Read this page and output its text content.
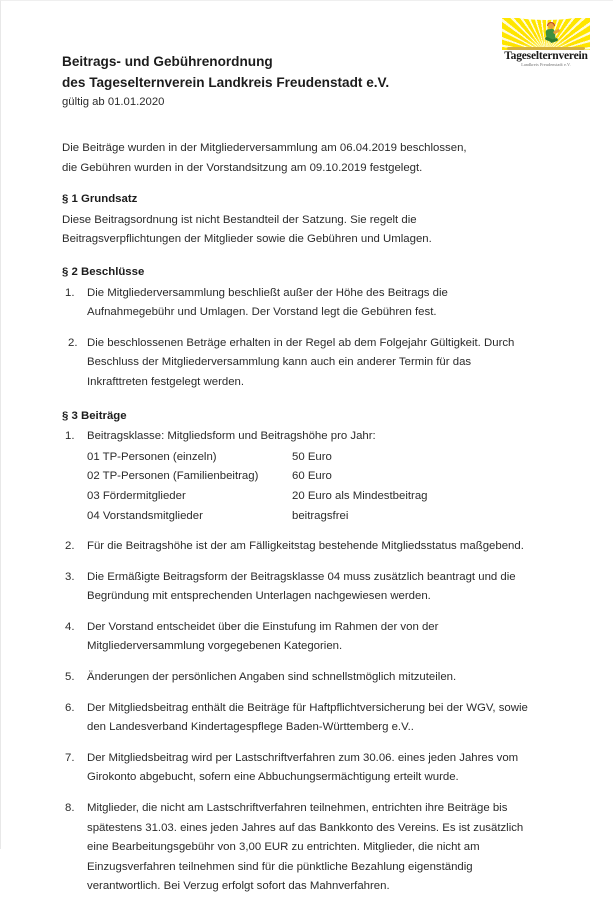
Tageselternverein
Landkreis Freudenstadt e.V.
Beitrags- und Gebührenordnung
des Tageselternverein Landkreis Freudenstadt e.V.
gültig ab 01.01.2020

Die Beiträge wurden in der Mitgliederversammlung am 06.04.2019 beschlossen,
die Gebühren wurden in der Vorstandsitzung am 09.10.2019 festgelegt.

§ 1 Grundsatz

Diese Beitragsordnung ist nicht Bestandteil der Satzung. Sie regelt die
Beitragsverpflichtungen der Mitglieder sowie die Gebühren und Umlagen.

§ 2 Beschlüsse
1.	Die Mitgliederversammlung beschließt außer der Höhe des Beitrags die
Aufnahmegebühr und Umlagen. Der Vorstand legt die Gebühren fest.
2. Die beschlossenen Beträge erhalten in der Regel ab dem Folgejahr Gültigkeit. Durch
Beschluss der Mitgliederversammlung kann auch ein anderer Termin für das
Inkrafttreten festgelegt werden.
§ 3 Beiträge
1.	Beitragsklasse: Mitgliedsform und Beitragshöhe pro Jahr:
01 TP-Personen (einzeln)	50 Euro
02 TP-Personen (Familienbeitrag)	60 Euro
03 Fördermitglieder	20 Euro als Mindestbeitrag
04 Vorstandsmitglieder	beitragsfrei
2.	Für die Beitragshöhe ist der am Fälligkeitstag bestehende Mitgliedsstatus maßgebend.
3.	Die Ermäßigte Beitragsform der Beitragsklasse 04 muss zusätzlich beantragt und die
Begründung mit entsprechenden Unterlagen nachgewiesen werden.
4.	Der Vorstand entscheidet über die Einstufung im Rahmen der von der
Mitgliederversammlung vorgegebenen Kategorien.
5.	Änderungen der persönlichen Angaben sind schnellstmöglich mitzuteilen.
6.	Der Mitgliedsbeitrag enthält die Beiträge für Haftpflichtversicherung bei der WGV, sowie
den Landesverband Kindertagespflege Baden-Württemberg e.V..
7.	Der Mitgliedsbeitrag wird per Lastschriftverfahren zum 30.06. eines jeden Jahres vom
Girokonto abgebucht, sofern eine Abbuchungsermächtigung erteilt wurde.
8.	Mitglieder, die nicht am Lastschriftverfahren teilnehmen, entrichten ihre Beiträge bis
spätestens 31.03. eines jeden Jahres auf das Bankkonto des Vereins. Es ist zusätzlich
eine Bearbeitungsgebühr von 3,00 EUR zu entrichten. Mitglieder, die nicht am
Einzugsverfahren teilnehmen sind für die pünktliche Bezahlung eigenständig
verantwortlich. Bei Verzug erfolgt sofort das Mahnverfahren.
